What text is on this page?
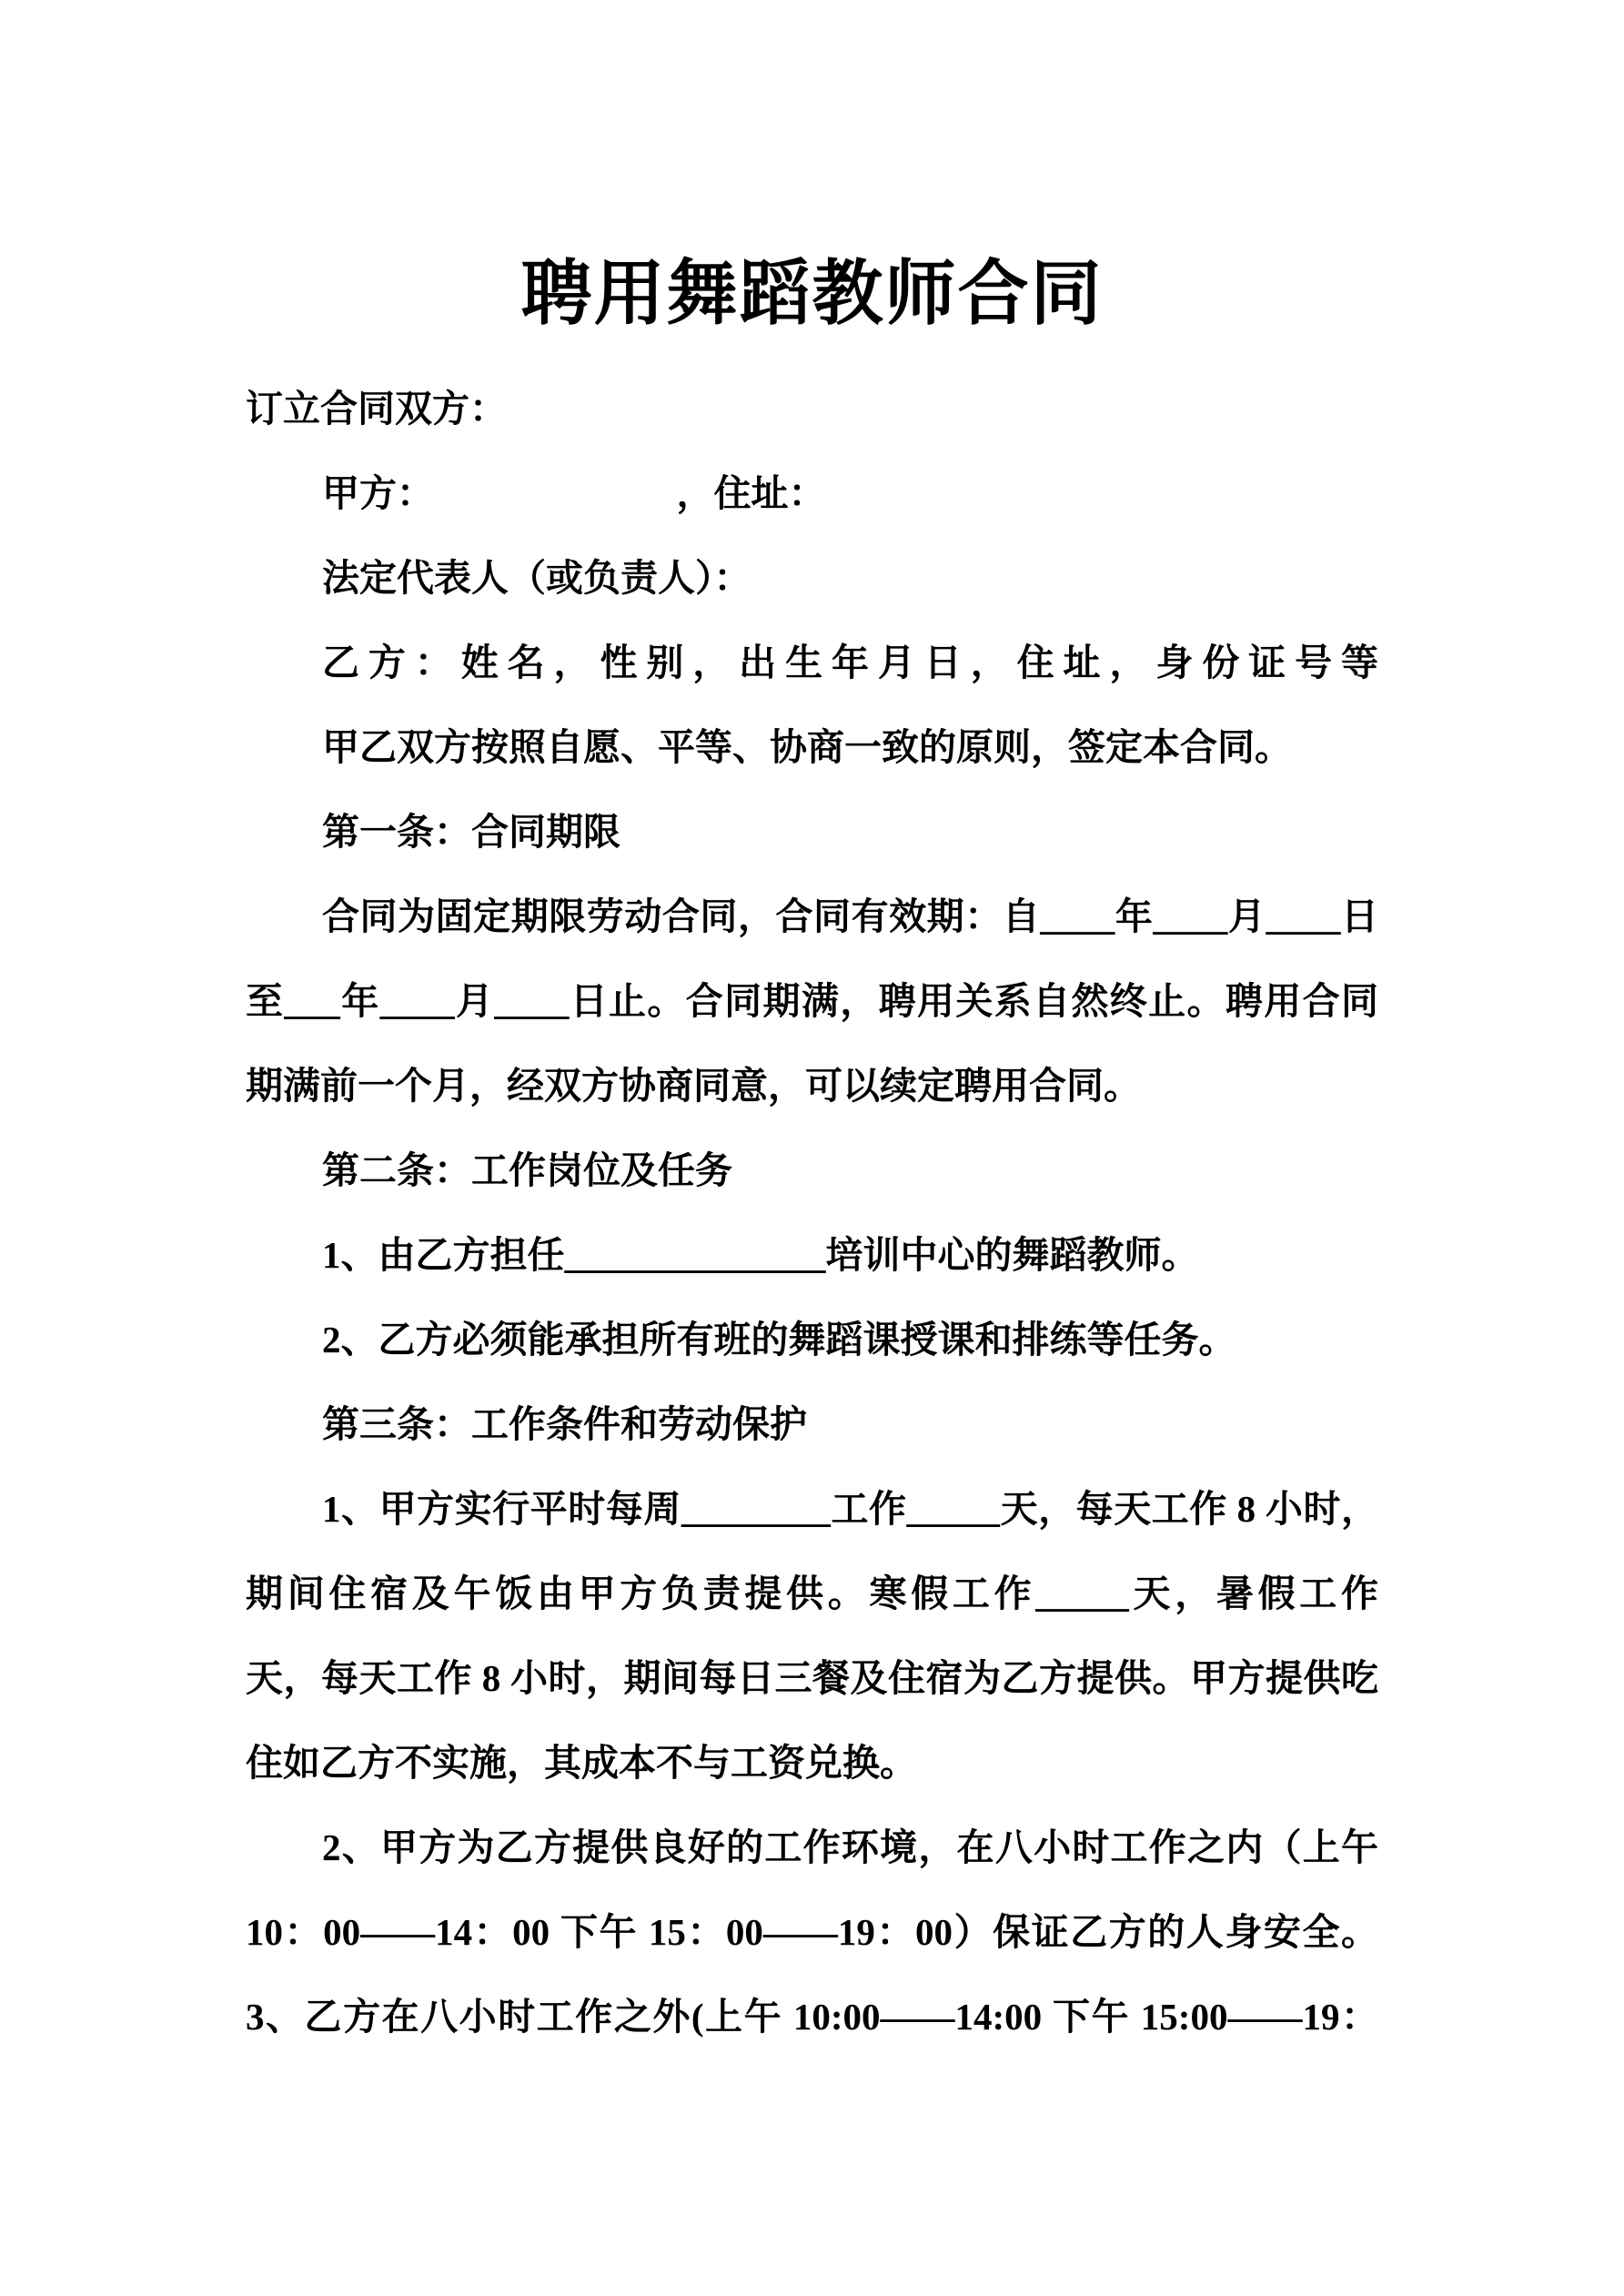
聘用舞蹈教师合同
订立合同双方：
甲方：　　　　　　　，住址：
法定代表人（或负责人）：
乙方：姓名，性别，出生年月日，住址，身份证号等
甲乙双方按照自愿、平等、协商一致的原则，签定本合同。
第一条：合同期限
合同为固定期限劳动合同，合同有效期：自____年____月____日
至___年____月____日止。合同期满，聘用关系自然终止。聘用合同
期满前一个月，经双方协商同意，可以续定聘用合同。
第二条：工作岗位及任务
1、由乙方担任______________培训中心的舞蹈教师。
2、乙方必须能承担所有班的舞蹈课授课和排练等任务。
第三条：工作条件和劳动保护
1、甲方实行平时每周________工作_____天，每天工作 8 小时，
期间住宿及午饭由甲方负责提供。寒假工作_____天，暑假工作
天，每天工作 8 小时，期间每日三餐及住宿为乙方提供。甲方提供吃
住如乙方不实施，其成本不与工资兑换。
2、甲方为乙方提供良好的工作环境，在八小时工作之内（上午
10：00——14：00 下午 15：00——19：00）保证乙方的人身安全。
3、乙方在八小时工作之外(上午 10:00——14:00 下午 15:00——19：
